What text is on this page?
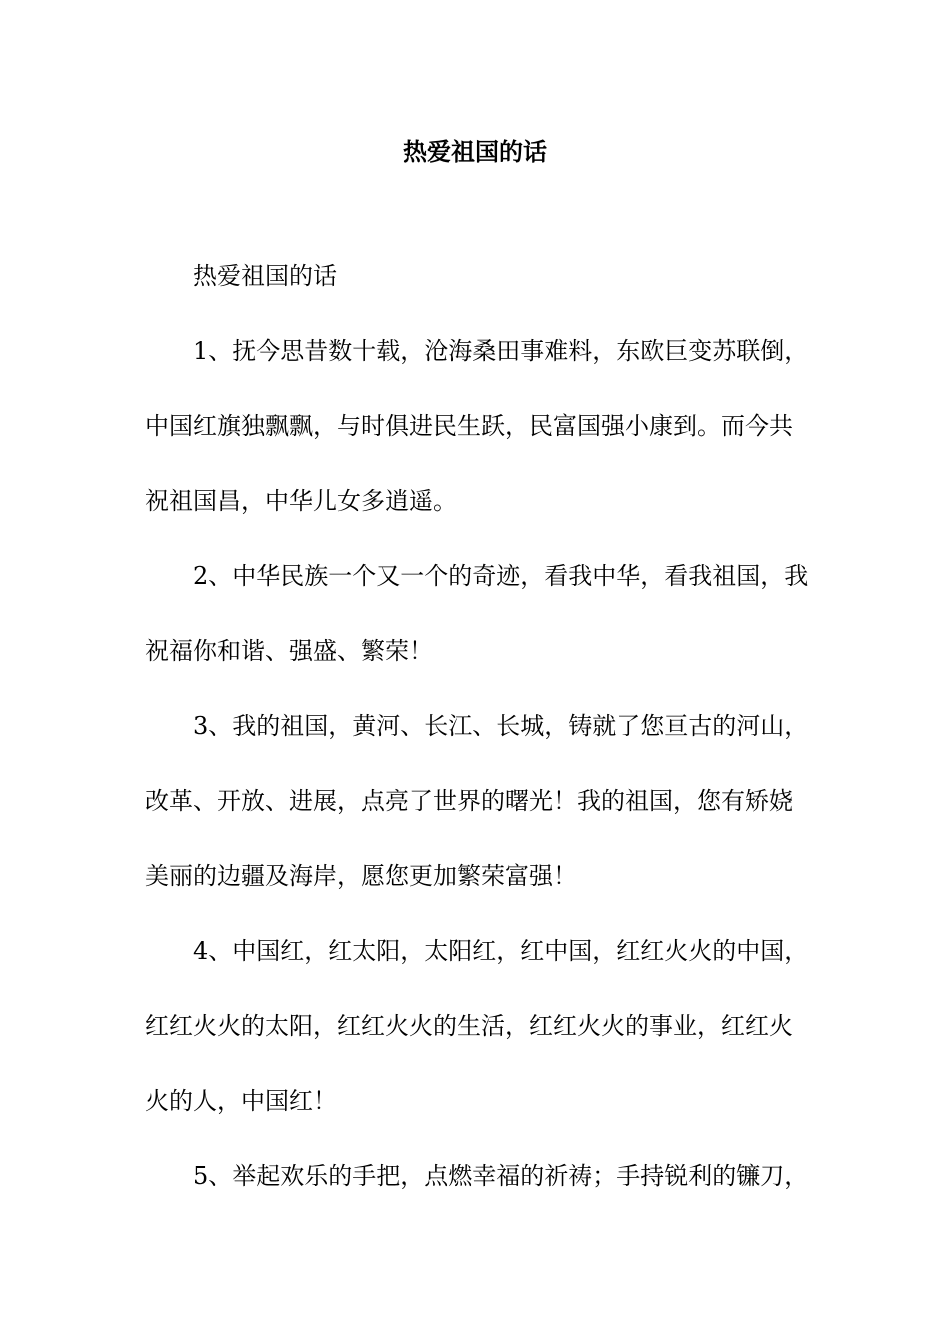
热爱祖国的话
热爱祖国的话
1、抚今思昔数十载，沧海桑田事难料，东欧巨变苏联倒，
中国红旗独飘飘，与时俱进民生跃，民富国强小康到。而今共
祝祖国昌，中华儿女多逍遥。
2、中华民族一个又一个的奇迹，看我中华，看我祖国，我
祝福你和谐、强盛、繁荣！
3、我的祖国，黄河、长江、长城，铸就了您亘古的河山，
改革、开放、进展，点亮了世界的曙光！我的祖国，您有矫娆
美丽的边疆及海岸，愿您更加繁荣富强！
4、中国红，红太阳，太阳红，红中国，红红火火的中国，
红红火火的太阳，红红火火的生活，红红火火的事业，红红火
火的人，中国红！
5、举起欢乐的手把，点燃幸福的祈祷；手持锐利的镰刀，
